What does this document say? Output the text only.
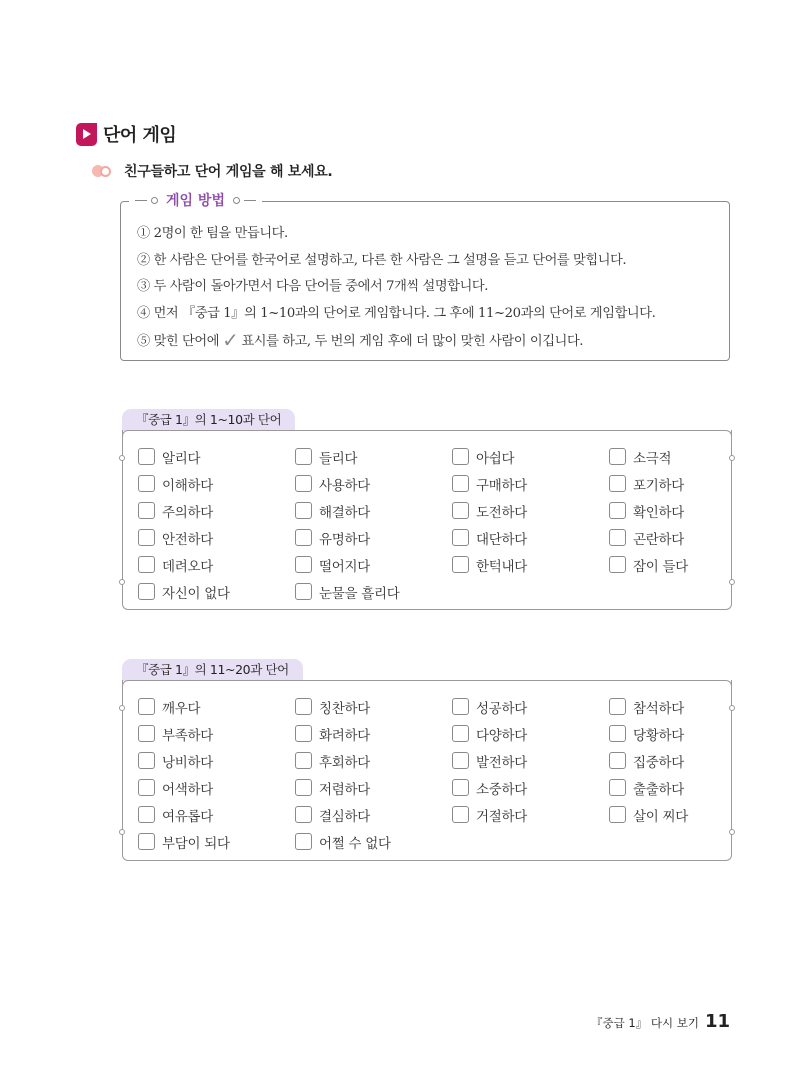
단어 게임
친구들하고 단어 게임을 해 보세요.
게임 방법
① 2명이 한 팀을 만듭니다.
② 한 사람은 단어를 한국어로 설명하고, 다른 한 사람은 그 설명을 듣고 단어를 맞힙니다.
③ 두 사람이 돌아가면서 다음 단어들 중에서 7개씩 설명합니다.
④ 먼저 『중급 1』의 1~10과의 단어로 게임합니다. 그 후에 11~20과의 단어로 게임합니다.
⑤ 맞힌 단어에 ✓ 표시를 하고, 두 번의 게임 후에 더 많이 맞힌 사람이 이깁니다.
『중급 1』의 1~10과 단어
알리다	들리다	아쉽다	소극적
이해하다	사용하다	구매하다	포기하다
주의하다	해결하다	도전하다	확인하다
안전하다	유명하다	대단하다	곤란하다
데려오다	떨어지다	한턱내다	잠이 들다
자신이 없다	눈물을 흘리다
『중급 1』의 11~20과 단어
깨우다	칭찬하다	성공하다	참석하다
부족하다	화려하다	다양하다	당황하다
낭비하다	후회하다	발전하다	집중하다
어색하다	저렴하다	소중하다	출출하다
여유롭다	결심하다	거절하다	살이 찌다
부담이 되다	어쩔 수 없다
『중급 1』 다시 보기 11
